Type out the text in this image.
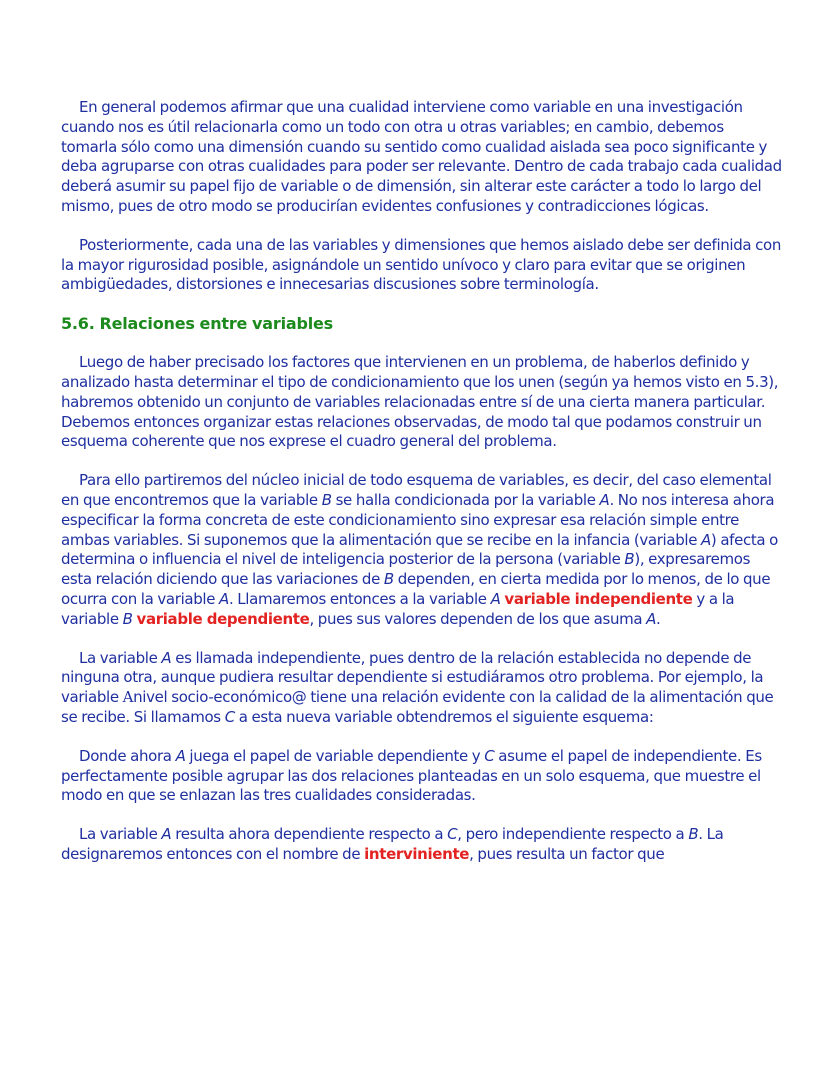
En general podemos afirmar que una cualidad interviene como variable en una investigación cuando nos es útil relacionarla como un todo con otra u otras variables; en cambio, debemos tomarla sólo como una dimensión cuando su sentido como cualidad aislada sea poco significante y deba agruparse con otras cualidades para poder ser relevante. Dentro de cada trabajo cada cualidad deberá asumir su papel fijo de variable o de dimensión, sin alterar este carácter a todo lo largo del mismo, pues de otro modo se producirían evidentes confusiones y contradicciones lógicas.

Posteriormente, cada una de las variables y dimensiones que hemos aislado debe ser definida con la mayor rigurosidad posible, asignándole un sentido unívoco y claro para evitar que se originen ambigüedades, distorsiones e innecesarias discusiones sobre terminología.

5.6. Relaciones entre variables

Luego de haber precisado los factores que intervienen en un problema, de haberlos definido y analizado hasta determinar el tipo de condicionamiento que los unen (según ya hemos visto en 5.3), habremos obtenido un conjunto de variables relacionadas entre sí de una cierta manera particular. Debemos entonces organizar estas relaciones observadas, de modo tal que podamos construir un esquema coherente que nos exprese el cuadro general del problema.

Para ello partiremos del núcleo inicial de todo esquema de variables, es decir, del caso elemental en que encontremos que la variable B se halla condicionada por la variable A. No nos interesa ahora especificar la forma concreta de este condicionamiento sino expresar esa relación simple entre ambas variables. Si suponemos que la alimentación que se recibe en la infancia (variable A) afecta o determina o influencia el nivel de inteligencia posterior de la persona (variable B), expresaremos esta relación diciendo que las variaciones de B dependen, en cierta medida por lo menos, de lo que ocurra con la variable A. Llamaremos entonces a la variable A variable independiente y a la variable B variable dependiente, pues sus valores dependen de los que asuma A.

La variable A es llamada independiente, pues dentro de la relación establecida no depende de ninguna otra, aunque pudiera resultar dependiente si estudiáramos otro problema. Por ejemplo, la variable Anivel socio-económico@ tiene una relación evidente con la calidad de la alimentación que se recibe. Si llamamos C a esta nueva variable obtendremos el siguiente esquema:

Donde ahora A juega el papel de variable dependiente y C asume el papel de independiente. Es perfectamente posible agrupar las dos relaciones planteadas en un solo esquema, que muestre el modo en que se enlazan las tres cualidades consideradas.

La variable A resulta ahora dependiente respecto a C, pero independiente respecto a B. La designaremos entonces con el nombre de interviniente, pues resulta un factor que
